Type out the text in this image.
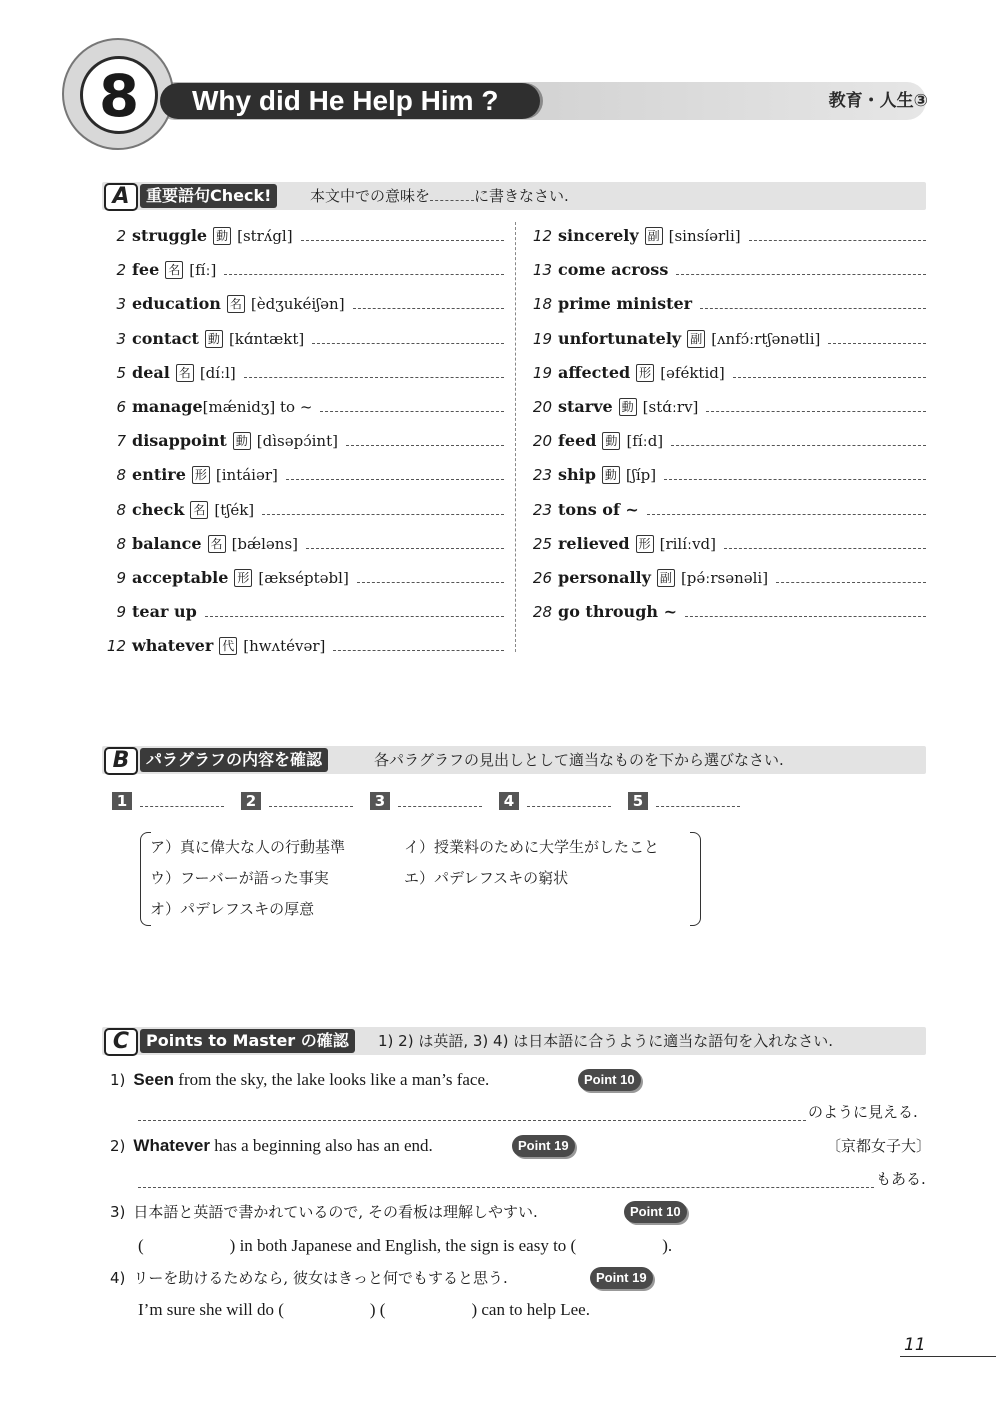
8	Why did He Help Him ?	教育・人生③
A	重要語句Check!	本文中での意味を	に書きなさい.
2 struggle 動 [strʌ́gl]
2 fee 名 [fíː]
3 education 名 [èdʒukéiʃən]
3 contact 動 [kɑ́ntækt]
5 deal 名 [díːl]
6 manage [mǽnidʒ] to ~
7 disappoint 動 [dìsəpɔ́int]
8 entire 形 [intáiər]
8 check 名 [tʃék]
8 balance 名 [bǽləns]
9 acceptable 形 [ækséptəbl]
9 tear up
12 whatever 代 [hwʌtévər]
12 sincerely 副 [sinsíərli]
13 come across
18 prime minister
19 unfortunately 副 [ʌnfɔ́ːrtʃənətli]
19 affected 形 [əféktid]
20 starve 動 [stɑ́ːrv]
20 feed 動 [fíːd]
23 ship 動 [ʃíp]
23 tons of ~
25 relieved 形 [rilíːvd]
26 personally 副 [pə́ːrsənəli]
28 go through ~
B	パラグラフの内容を確認	各パラグラフの見出しとして適当なものを下から選びなさい.
1	2	3	4	5
ア）真に偉大な人の行動基準	イ）授業料のために大学生がしたこと
ウ）フーバーが語った事実	エ）パデレフスキの窮状
オ）パデレフスキの厚意
C	Points to Master の確認	1) 2) は英語, 3) 4) は日本語に合うように適当な語句を入れなさい.
1) Seen from the sky, the lake looks like a man’s face.	Point 10
のように見える.
2) Whatever has a beginning also has an end.	Point 19	〔京都女子大〕
もある.
3) 日本語と英語で書かれているので, その看板は理解しやすい.	Point 10
(	) in both Japanese and English, the sign is easy to (	).
4) リーを助けるためなら, 彼女はきっと何でもすると思う.	Point 19
I’m sure she will do (	) (	) can to help Lee.
11
